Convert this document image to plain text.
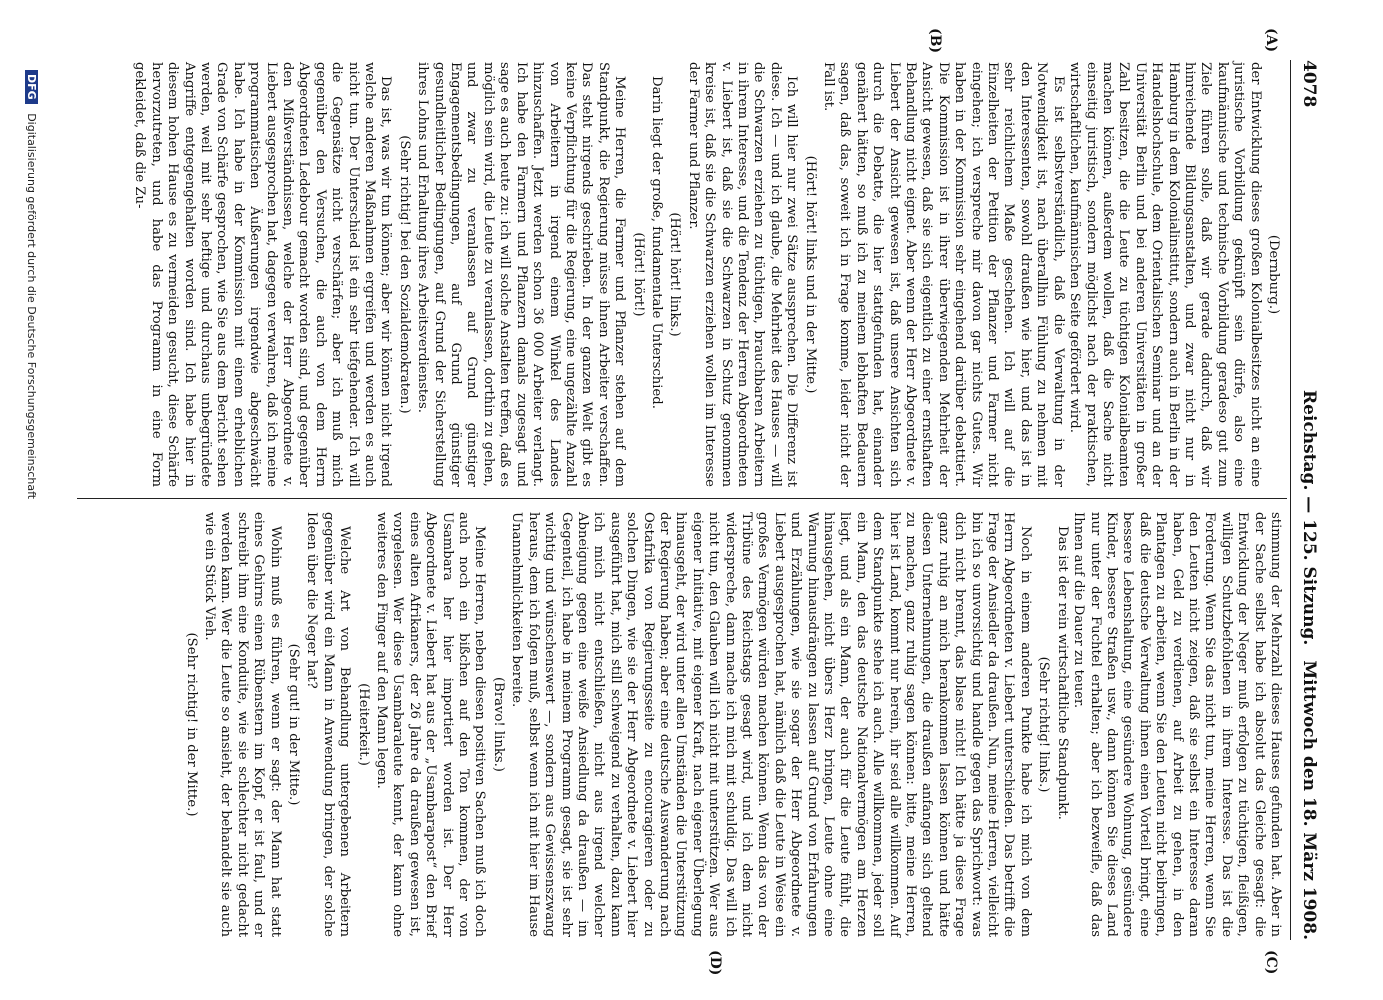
4078
Reichstag. — 125. Sitzung.
Mittwoch den 18. März 1908.
(A)
(B)
(C)
(D)

(Dernburg.)

der Entwicklung dieses großen Kolonialbesitzes nicht an eine juristische Vorbildung geknüpft sein dürfe, also eine kaufmännische und technische Vorbildung geradeso gut zum Ziele führen solle, daß wir gerade dadurch, daß wir hinreichende Bildungsanstalten, und zwar nicht nur in Hamburg in dem Kolonialinstitut, sondern auch in Berlin in der Handelshochschule, dem Orientalischen Seminar und an der Universität Berlin und bei anderen Universitäten in großer Zahl besitzen, die die Leute zu tüchtigen Kolonialbeamten machen können, außerdem wollen, daß die Sache nicht einseitig juristisch, sondern möglichst nach der praktischen, wirtschaftlichen, kaufmännischen Seite gefördert wird.

Es ist selbstverständlich, daß die Verwaltung in der Notwendigkeit ist, nach überallhin Fühlung zu nehmen mit den Interessenten, sowohl draußen wie hier, und das ist in sehr reichlichem Maße geschehen. Ich will auf die Einzelheiten der Petition der Pflanzer und Farmer nicht eingehen; ich verspreche mir davon gar nichts Gutes. Wir haben in der Kommission sehr eingehend darüber debattiert. Die Kommission ist in ihrer überwiegenden Mehrheit der Ansicht gewesen, daß sie sich eigentlich zu einer ernsthaften Behandlung nicht eignet. Aber wenn der Herr Abgeordnete v. Liebert der Ansicht gewesen ist, daß unsere Ansichten sich durch die Debatte, die hier stattgefunden hat, einander genähert hätten, so muß ich zu meinem lebhaften Bedauern sagen, daß das, soweit ich in Frage komme, leider nicht der Fall ist.

(Hört! hört! links und in der Mitte.)

Ich will hier nur zwei Sätze aussprechen. Die Differenz ist diese. Ich — und ich glaube, die Mehrheit des Hauses — will die Schwarzen erziehen zu tüchtigen, brauchbaren Arbeitern in ihrem Interesse, und die Tendenz der Herren Abgeordneten v. Liebert ist, daß sie die Schwarzen in Schutz genommen kreise ist, daß sie die Schwarzen erziehen wollen im Interesse der Farmer und Pflanzer.

(Hört! hört! links.)

Darin liegt der große, fundamentale Unterschied.

(Hört! hört!)

Meine Herren, die Farmer und Pflanzer stehen auf dem Standpunkt, die Regierung müsse ihnen Arbeiter verschaffen. Das steht nirgends geschrieben. In der ganzen Welt gibt es keine Verpflichtung für die Regierung, eine ungezählte Anzahl von Arbeitern in irgend einem Winkel des Landes hinzuschaffen. Jetzt werden schon 36 000 Arbeiter verlangt. Ich habe den Farmern und Pflanzern damals zugesagt und sage es auch heute zu: ich will solche Anstalten treffen, daß es möglich sein wird, die Leute zu veranlassen, dorthin zu gehen, und zwar zu veranlassen auf Grund günstiger Engagementsbedingungen, auf Grund günstiger gesundheitlicher Bedingungen, auf Grund der Sicherstellung ihres Lohns und Erhaltung ihres Arbeitsverdienstes.

(Sehr richtig! bei den Sozialdemokraten.)

Das ist, was wir tun können; aber wir können nicht irgend welche anderen Maßnahmen ergreifen und werden es auch nicht tun. Der Unterschied ist ein sehr tiefgehender. Ich will die Gegensätze nicht verschärfen; aber ich muß mich gegenüber den Versuchen, die auch von dem Herrn Abgeordneten Ledebour gemacht worden sind, und gegenüber den Mißverständnissen, welche der Herr Abgeordnete v. Liebert ausgesprochen hat, dagegen verwahren, daß ich meine programmatischen Äußerungen irgendwie abgeschwächt habe. Ich habe in der Kommission mit einem erheblichen Grade von Schärfe gesprochen, wie Sie aus dem Bericht sehen werden, weil mit sehr heftige und durchaus unbegründete Angriffe entgegengehalten worden sind. Ich habe hier in diesem hohen Hause es zu vermeiden gesucht, diese Schärfe hervorzutreten, und habe das Programm in eine Form gekleidet, daß die Zu-

stimmung der Mehrzahl dieses Hauses gefunden hat. Aber in der Sache selbst habe ich absolut das Gleiche gesagt: die Entwicklung der Neger muß erfolgen zu tüchtigen, fleißigen, willigen Schutzbefohlenen in ihrem Interesse. Das ist die Forderung. Wenn Sie das nicht tun, meine Herren, wenn Sie den Leuten nicht zeigen, daß sie selbst ein Interesse daran haben, Geld zu verdienen, auf Arbeit zu gehen, in den Plantagen zu arbeiten, wenn Sie den Leuten nicht beibringen, daß die deutsche Verwaltung ihnen einen Vorteil bringt, eine bessere Lebenshaltung, eine gesündere Wohnung, gesündere Kinder, bessere Straßen usw., dann können Sie dieses Land nur unter der Fuchtel erhalten; aber ich bezweifle, daß das Ihnen auf die Dauer zu teuer.

Das ist der rein wirtschaftliche Standpunkt.

(Sehr richtig! links.)

Noch in einem anderen Punkte habe ich mich von dem Herrn Abgeordneten v. Liebert unterschieden. Das betrifft die Frage der Ansiedler da draußen. Nun, meine Herren, vielleicht bin ich so unvorsichtig und handle gegen das Sprichwort: was dich nicht brennt, das blase nicht! Ich hätte ja diese Frage ganz ruhig an mich herankommen lassen können und hätte diesen Unternehmungen, die draußen anfangen sich geltend zu machen, ganz ruhig sagen können: bitte, meine Herren, hier ist Land, kommt nur herein, ihr seid alle willkommen. Auf dem Standpunkte stehe ich auch. Alle willkommen, jeder soll ein Mann, den das deutsche Nationalvermögen am Herzen liegt, und als ein Mann, der auch für die Leute fühlt, die hinausgehen, nicht übers Herz bringen, Leute ohne eine Warnung hinausdrängen zu lassen auf Grund von Erfahrungen und Erzählungen, wie sie sogar der Herr Abgeordnete v. Liebert ausgesprochen hat, nämlich daß die Leute in Weise ein großes Vermögen würden machen können. Wenn das von der Tribüne des Reichstags gesagt wird, und ich dem nicht widerspreche, dann mache ich mich mit schuldig. Das will ich nicht tun, den Glauben will ich nicht mit unterstützen. Wer aus eigener Initiative, mit eigener Kraft, nach eigener Überlegung hinausgeht, der wird unter allen Umständen die Unterstützung der Regierung haben; aber eine deutsche Auswanderung nach Ostafrika von Regierungsseite zu encouragieren oder zu solchen Dingen, wie sie der Herr Abgeordnete v. Liebert hier ausgeführt hat, mich still schweigend zu verhalten, dazu kann ich mich nicht entschließen, nicht aus irgend welcher Abneigung gegen eine weiße Ansiedlung da draußen — im Gegenteil, ich habe in meinem Programm gesagt, sie ist sehr wichtig und wünschenswert —, sondern aus Gewissenszwang heraus, dem ich folgen muß, selbst wenn ich mit hier im Hause Unannehmlichkeiten bereite.

(Bravo! links.)

Meine Herren, neben diesen positiven Sachen muß ich doch auch noch ein bißchen auf den Ton kommen, der von Usambara her hier importiert worden ist. Der Herr Abgeordnete v. Liebert hat aus der „Usambarapost“ den Brief eines alten Afrikaners, der 26 Jahre da draußen gewesen ist, vorgelesen. Wer diese Usambaraleute kennt, der kann ohne weiteres den Finger auf den Mann legen.

(Heiterkeit.)

Welche Art von Behandlung untergebenen Arbeitern gegenüber wird ein Mann in Anwendung bringen, der solche Ideen über die Neger hat?

(Sehr gut! in der Mitte.)

Wohin muß es führen, wenn er sagt: der Mann hat statt eines Gehirns einen Rübenstern im Kopf, er ist faul, und er schreibt ihm eine Konduite, wie sie schlechter nicht gedacht werden kann. Wer die Leute so ansieht, der behandelt sie auch wie ein Stück Vieh.

(Sehr richtig! in der Mitte.)

DFG Digitalisierung gefördert durch die Deutsche Forschungsgemeinschaft
